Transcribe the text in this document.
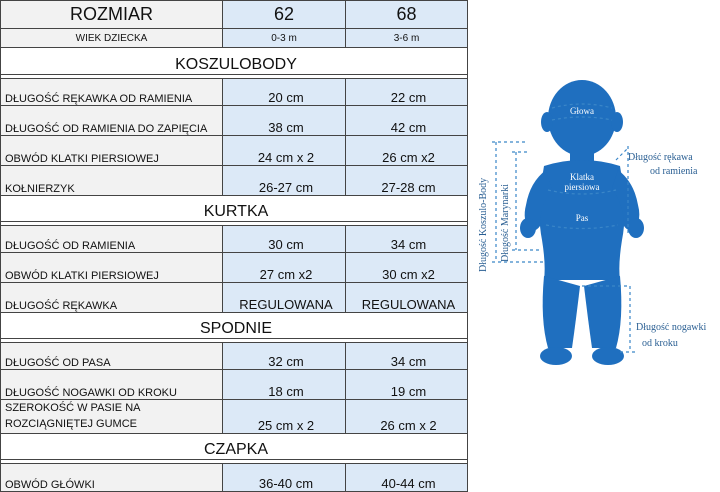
ROZMIAR	62	68
WIEK DZIECKA	0-3 m	3-6 m
KOSZULOBODY		

DŁUGOŚĆ RĘKAWKA OD RAMIENIA	20 cm	22 cm
DŁUGOŚĆ OD RAMIENIA DO ZAPIĘCIA	38 cm	42 cm
OBWÓD KLATKI PIERSIOWEJ	24 cm x 2	26 cm x2
KOŁNIERZYK	26-27 cm	27-28 cm
KURTKA		

DŁUGOŚĆ OD RAMIENIA	30 cm	34 cm
OBWÓD KLATKI PIERSIOWEJ	27 cm x2	30 cm x2
DŁUGOŚĆ RĘKAWKA	REGULOWANA	REGULOWANA
SPODNIE		

DŁUGOŚĆ OD PASA	32 cm	34 cm
DŁUGOŚĆ NOGAWKI OD KROKU	18 cm	19 cm
SZEROKOŚĆ W PASIE NA ROZCIĄGNIĘTEJ GUMCE	25 cm x 2	26 cm x 2
CZAPKA		

OBWÓD GŁÓWKI	36-40 cm	40-44 cm
Głowa
Klatka
piersiowa
Pas
Długość rękawa
od ramienia
Długość Koszulo-Body Długość Marynarki
Długość nogawki
od kroku
